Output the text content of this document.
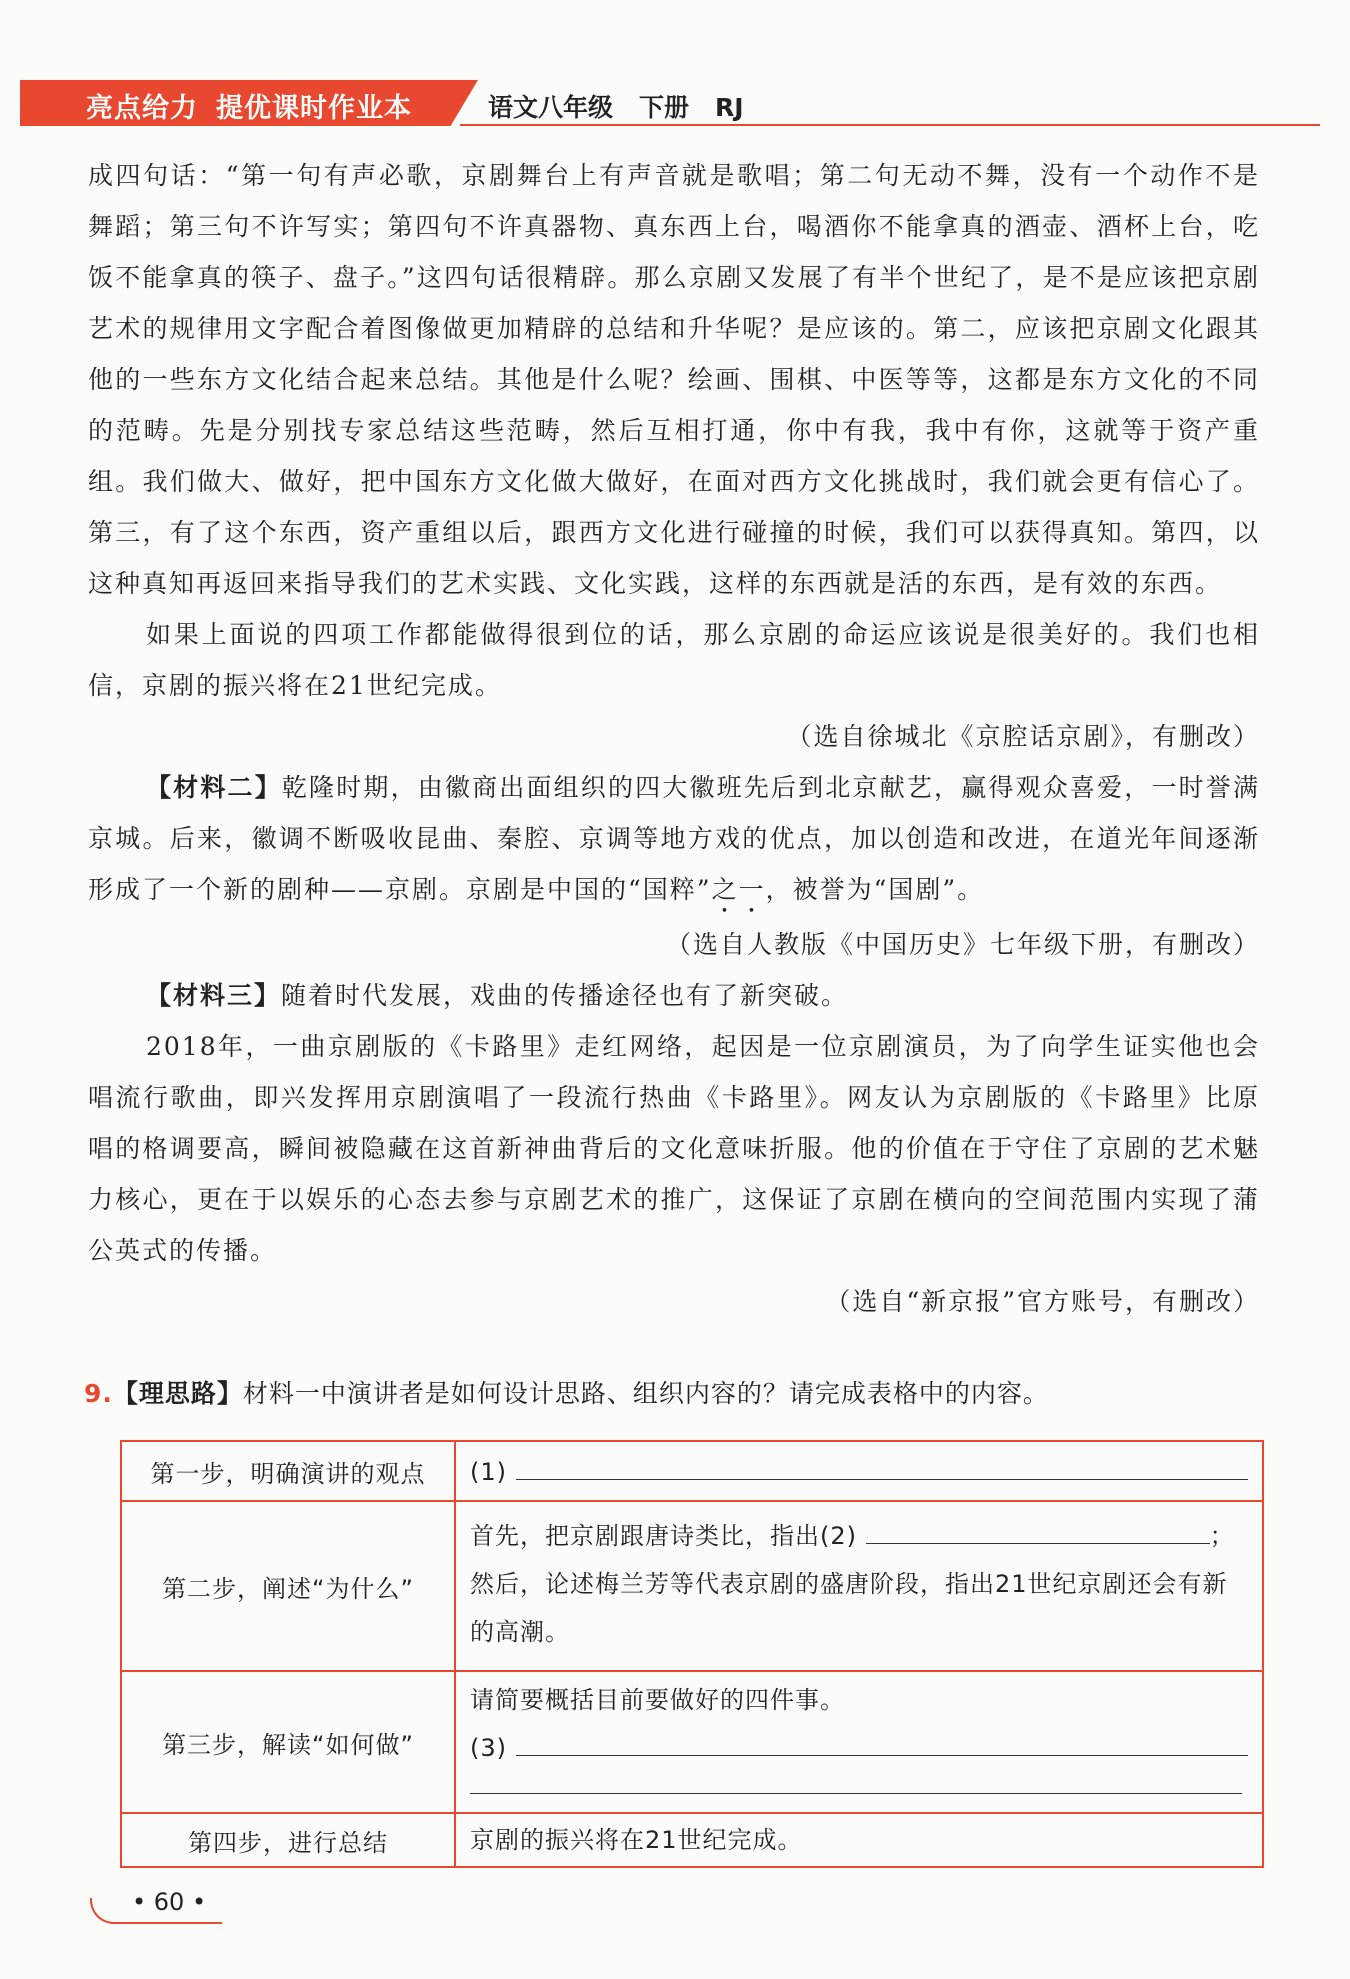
亮点给力 提优课时作业本	语文八年级 下册 RJ

成四句话：“第一句有声必歌，京剧舞台上有声音就是歌唱；第二句无动不舞，没有一个动作不是舞蹈；第三句不许写实；第四句不许真器物、真东西上台，喝酒你不能拿真的酒壶、酒杯上台，吃饭不能拿真的筷子、盘子。”这四句话很精辟。那么京剧又发展了有半个世纪了，是不是应该把京剧艺术的规律用文字配合着图像做更加精辟的总结和升华呢？是应该的。第二，应该把京剧文化跟其他的一些东方文化结合起来总结。其他是什么呢？绘画、围棋、中医等等，这都是东方文化的不同的范畴。先是分别找专家总结这些范畴，然后互相打通，你中有我，我中有你，这就等于资产重组。我们做大、做好，把中国东方文化做大做好，在面对西方文化挑战时，我们就会更有信心了。第三，有了这个东西，资产重组以后，跟西方文化进行碰撞的时候，我们可以获得真知。第四，以这种真知再返回来指导我们的艺术实践、文化实践，这样的东西就是活的东西，是有效的东西。

如果上面说的四项工作都能做得很到位的话，那么京剧的命运应该说是很美好的。我们也相信，京剧的振兴将在21世纪完成。

（选自徐城北《京腔话京剧》，有删改）

【材料二】乾隆时期，由徽商出面组织的四大徽班先后到北京献艺，赢得观众喜爱，一时誉满京城。后来，徽调不断吸收昆曲、秦腔、京调等地方戏的优点，加以创造和改进，在道光年间逐渐形成了一个新的剧种——京剧。京剧是中国的“国粹”之一，被誉为“国剧”。

（选自人教版《中国历史》七年级下册，有删改）

【材料三】随着时代发展，戏曲的传播途径也有了新突破。

2018年，一曲京剧版的《卡路里》走红网络，起因是一位京剧演员，为了向学生证实他也会唱流行歌曲，即兴发挥用京剧演唱了一段流行热曲《卡路里》。网友认为京剧版的《卡路里》比原唱的格调要高，瞬间被隐藏在这首新神曲背后的文化意味折服。他的价值在于守住了京剧的艺术魅力核心，更在于以娱乐的心态去参与京剧艺术的推广，这保证了京剧在横向的空间范围内实现了蒲公英式的传播。

（选自“新京报”官方账号，有删改）

9.【理思路】材料一中演讲者是如何设计思路、组织内容的？请完成表格中的内容。
第一步，明确演讲的观点	(1)
第二步，阐述“为什么”
首先，把京剧跟唐诗类比，指出(2)	；
然后，论述梅兰芳等代表京剧的盛唐阶段，指出21世纪京剧还会有新的高潮。
第三步，解读“如何做”
请简要概括目前要做好的四件事。
(3)
第四步，进行总结	京剧的振兴将在21世纪完成。
• 60 •
